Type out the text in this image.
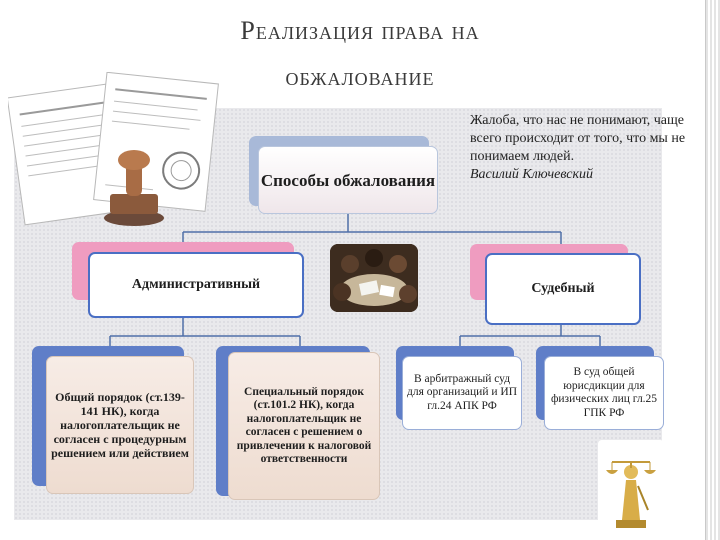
Реализация права на
обжалование
Жалоба, что нас не понимают, чаще всего происходит от того, что мы не понимаем людей.
Василий Ключевский
Способы обжалования
Административный	Судебный
Общий порядок (ст.139-141 НК), когда налогоплательщик не согласен с процедурным решением или действием
Специальный порядок (ст.101.2 НК), когда налогоплательщик не согласен с решением о привлечении к налоговой ответственности
В арбитражный суд для организаций и ИП гл.24 АПК РФ
В суд общей юрисдикции для физических лиц гл.25 ГПК РФ
